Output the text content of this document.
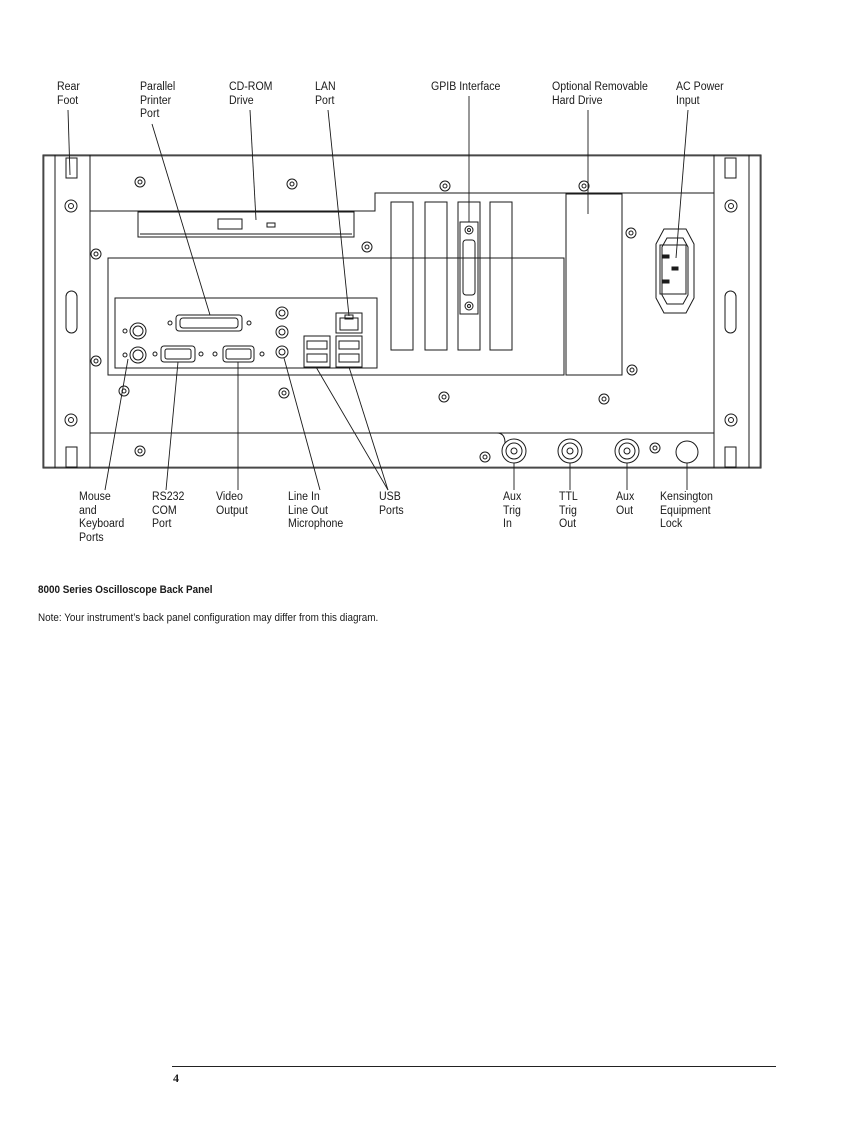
Rear
Foot
Parallel
Printer
Port
CD-ROM
Drive
LAN
Port
GPIB Interface	Optional Removable
Hard Drive
AC Power
Input
Mouse
and
Keyboard
Ports
RS232
COM
Port
Video
Output
Line In
Line Out
Microphone
USB
Ports
Aux
Trig
In
TTL
Trig
Out
Aux
Out
Kensington
Equipment
Lock
8000 Series Oscilloscope Back Panel
Note: Your instrument’s back panel configuration may differ from this diagram.
4
